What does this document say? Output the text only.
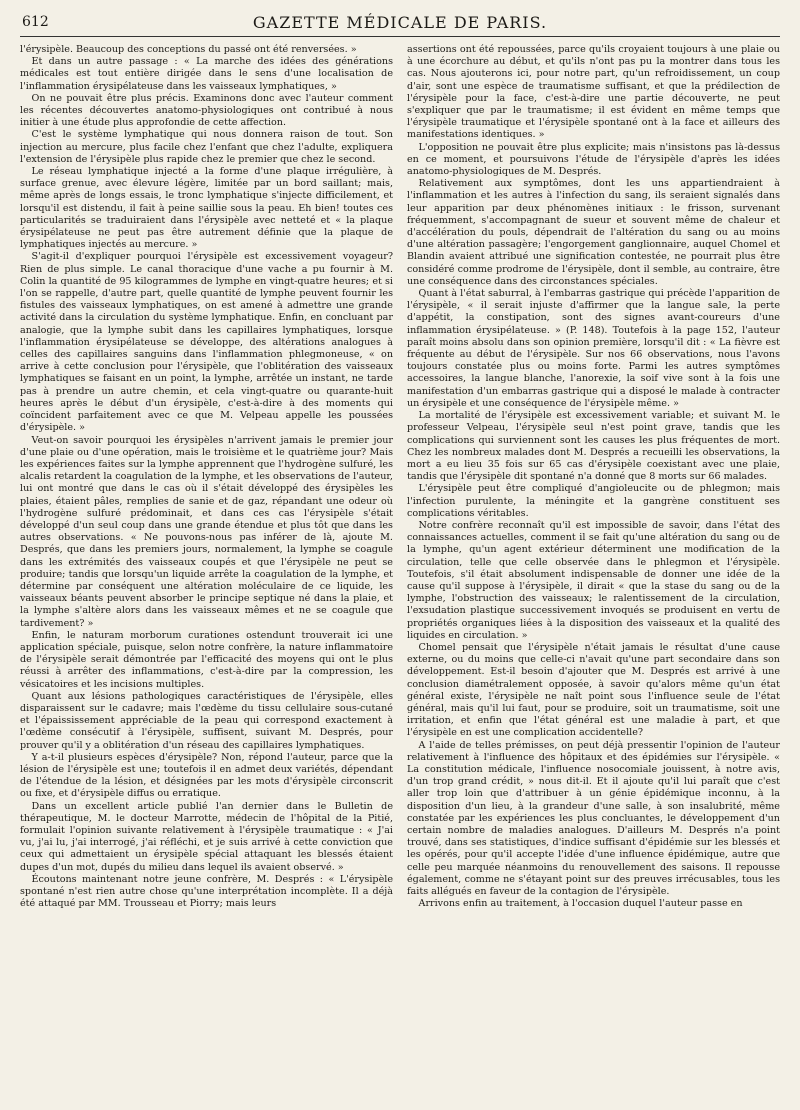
612	GAZETTE MÉDICALE DE PARIS.

l'érysipèle. Beaucoup des conceptions du passé ont été renversées. »

Et dans un autre passage : « La marche des idées des générations médicales est tout entière dirigée dans le sens d'une localisation de l'inflammation érysipélateuse dans les vaisseaux lymphatiques, »

On ne pouvait être plus précis. Examinons donc avec l'auteur comment les récentes découvertes anatomo-physiologiques ont contribué à nous initier à une étude plus approfondie de cette affection.

C'est le système lymphatique qui nous donnera raison de tout. Son injection au mercure, plus facile chez l'enfant que chez l'adulte, expliquera l'extension de l'érysipèle plus rapide chez le premier que chez le second.

Le réseau lymphatique injecté a la forme d'une plaque irrégulière, à surface grenue, avec élevure légère, limitée par un bord saillant; mais, même après de longs essais, le tronc lymphatique s'injecte difficilement, et lorsqu'il est distendu, il fait à peine saillie sous la peau. Eh bien! toutes ces particularités se traduiraient dans l'érysipèle avec netteté et « la plaque érysipélateuse ne peut pas être autrement définie que la plaque de lymphatiques injectés au mercure. »

S'agit-il d'expliquer pourquoi l'érysipèle est excessivement voyageur? Rien de plus simple. Le canal thoracique d'une vache a pu fournir à M. Colin la quantité de 95 kilogrammes de lymphe en vingt-quatre heures; et si l'on se rappelle, d'autre part, quelle quantité de lymphe peuvent fournir les fistules des vaisseaux lymphatiques, on est amené à admettre une grande activité dans la circulation du système lymphatique. Enfin, en concluant par analogie, que la lymphe subit dans les capillaires lymphatiques, lorsque l'inflammation érysipélateuse se développe, des altérations analogues à celles des capillaires sanguins dans l'inflammation phlegmoneuse, « on arrive à cette conclusion pour l'érysipèle, que l'oblitération des vaisseaux lymphatiques se faisant en un point, la lymphe, arrêtée un instant, ne tarde pas à prendre un autre chemin, et cela vingt-quatre ou quarante-huit heures après le début d'un érysipèle, c'est-à-dire à des moments qui coïncident parfaitement avec ce que M. Velpeau appelle les poussées d'érysipèle. »

Veut-on savoir pourquoi les érysipèles n'arrivent jamais le premier jour d'une plaie ou d'une opération, mais le troisième et le quatrième jour? Mais les expériences faites sur la lymphe apprennent que l'hydrogène sulfuré, les alcalis retardent la coagulation de la lymphe, et les observations de l'auteur, lui ont montré que dans le cas où il s'était développé des érysipèles les plaies, étaient pâles, remplies de sanie et de gaz, répandant une odeur où l'hydrogène sulfuré prédominait, et dans ces cas l'érysipèle s'était développé d'un seul coup dans une grande étendue et plus tôt que dans les autres observations. « Ne pouvons-nous pas inférer de là, ajoute M. Després, que dans les premiers jours, normalement, la lymphe se coagule dans les extrémités des vaisseaux coupés et que l'érysipèle ne peut se produire; tandis que lorsqu'un liquide arrête la coagulation de la lymphe, et détermine par conséquent une altération moléculaire de ce liquide, les vaisseaux béants peuvent absorber le principe septique né dans la plaie, et la lymphe s'altère alors dans les vaisseaux mêmes et ne se coagule que tardivement? »

Enfin, le naturam morborum curationes ostendunt trouverait ici une application spéciale, puisque, selon notre confrère, la nature inflammatoire de l'érysipèle serait démontrée par l'efficacité des moyens qui ont le plus réussi à arrêter des inflammations, c'est-à-dire par la compression, les vésicatoires et les incisions multiples.

Quant aux lésions pathologiques caractéristiques de l'érysipèle, elles disparaissent sur le cadavre; mais l'œdème du tissu cellulaire sous-cutané et l'épaississement appréciable de la peau qui correspond exactement à l'œdème consécutif à l'érysipèle, suffisent, suivant M. Després, pour prouver qu'il y a oblitération d'un réseau des capillaires lymphatiques.

Y a-t-il plusieurs espèces d'érysipèle? Non, répond l'auteur, parce que la lésion de l'érysipèle est une; toutefois il en admet deux variétés, dépendant de l'étendue de la lésion, et désignées par les mots d'érysipèle circonscrit ou fixe, et d'érysipèle diffus ou erratique.

Dans un excellent article publié l'an dernier dans le Bulletin de thérapeutique, M. le docteur Marrotte, médecin de l'hôpital de la Pitié, formulait l'opinion suivante relativement à l'érysipèle traumatique : « J'ai vu, j'ai lu, j'ai interrogé, j'ai réfléchi, et je suis arrivé à cette conviction que ceux qui admettaient un érysipèle spécial attaquant les blessés étaient dupes d'un mot, dupés du milieu dans lequel ils avaient observé. »

Écoutons maintenant notre jeune confrère, M. Després : « L'érysipèle spontané n'est rien autre chose qu'une interprétation incomplète. Il a déjà été attaqué par MM. Trousseau et Piorry; mais leurs

assertions ont été repoussées, parce qu'ils croyaient toujours à une plaie ou à une écorchure au début, et qu'ils n'ont pas pu la montrer dans tous les cas. Nous ajouterons ici, pour notre part, qu'un refroidissement, un coup d'air, sont une espèce de traumatisme suffisant, et que la prédilection de l'érysipèle pour la face, c'est-à-dire une partie découverte, ne peut s'expliquer que par le traumatisme; il est évident en même temps que l'érysipèle traumatique et l'érysipèle spontané ont à la face et ailleurs des manifestations identiques. »

L'opposition ne pouvait être plus explicite; mais n'insistons pas là-dessus en ce moment, et poursuivons l'étude de l'érysipèle d'après les idées anatomo-physiologiques de M. Després.

Relativement aux symptômes, dont les uns appartiendraient à l'inflammation et les autres à l'infection du sang, ils seraient signalés dans leur apparition par deux phénomènes initiaux : le frisson, survenant fréquemment, s'accompagnant de sueur et souvent même de chaleur et d'accélération du pouls, dépendrait de l'altération du sang ou au moins d'une altération passagère; l'engorgement ganglionnaire, auquel Chomel et Blandin avaient attribué une signification contestée, ne pourrait plus être considéré comme prodrome de l'érysipèle, dont il semble, au contraire, être une conséquence dans des circonstances spéciales.

Quant à l'état saburral, à l'embarras gastrique qui précède l'apparition de l'érysipèle, « il serait injuste d'affirmer que la langue sale, la perte d'appétit, la constipation, sont des signes avant-coureurs d'une inflammation érysipélateuse. » (P. 148). Toutefois à la page 152, l'auteur paraît moins absolu dans son opinion première, lorsqu'il dit : « La fièvre est fréquente au début de l'érysipèle. Sur nos 66 observations, nous l'avons toujours constatée plus ou moins forte. Parmi les autres symptômes accessoires, la langue blanche, l'anorexie, la soif vive sont à la fois une manifestation d'un embarras gastrique qui a disposé le malade à contracter un érysipèle et une conséquence de l'érysipèle même. »

La mortalité de l'érysipèle est excessivement variable; et suivant M. le professeur Velpeau, l'érysipèle seul n'est point grave, tandis que les complications qui surviennent sont les causes les plus fréquentes de mort. Chez les nombreux malades dont M. Després a recueilli les observations, la mort a eu lieu 35 fois sur 65 cas d'érysipèle coexistant avec une plaie, tandis que l'érysipèle dit spontané n'a donné que 8 morts sur 66 malades.

L'érysipèle peut être compliqué d'angioleucite ou de phlegmon; mais l'infection purulente, la méningite et la gangrène constituent ses complications véritables.

Notre confrère reconnaît qu'il est impossible de savoir, dans l'état des connaissances actuelles, comment il se fait qu'une altération du sang ou de la lymphe, qu'un agent extérieur déterminent une modification de la circulation, telle que celle observée dans le phlegmon et l'érysipèle. Toutefois, s'il était absolument indispensable de donner une idée de la cause qu'il suppose à l'érysipèle, il dirait « que la stase du sang ou de la lymphe, l'obstruction des vaisseaux; le ralentissement de la circulation, l'exsudation plastique successivement invoqués se produisent en vertu de propriétés organiques liées à la disposition des vaisseaux et la qualité des liquides en circulation. »

Chomel pensait que l'érysipèle n'était jamais le résultat d'une cause externe, ou du moins que celle-ci n'avait qu'une part secondaire dans son développement. Est-il besoin d'ajouter que M. Després est arrivé à une conclusion diamétralement opposée, à savoir qu'alors même qu'un état général existe, l'érysipèle ne naît point sous l'influence seule de l'état général, mais qu'il lui faut, pour se produire, soit un traumatisme, soit une irritation, et enfin que l'état général est une maladie à part, et que l'érysipèle en est une complication accidentelle?

A l'aide de telles prémisses, on peut déjà pressentir l'opinion de l'auteur relativement à l'influence des hôpitaux et des épidémies sur l'érysipèle. « La constitution médicale, l'influence nosocomiale jouissent, à notre avis, d'un trop grand crédit, » nous dit-il. Et il ajoute qu'il lui paraît que c'est aller trop loin que d'attribuer à un génie épidémique inconnu, à la disposition d'un lieu, à la grandeur d'une salle, à son insalubrité, même constatée par les expériences les plus concluantes, le développement d'un certain nombre de maladies analogues. D'ailleurs M. Després n'a point trouvé, dans ses statistiques, d'indice suffisant d'épidémie sur les blessés et les opérés, pour qu'il accepte l'idée d'une influence épidémique, autre que celle peu marquée néanmoins du renouvellement des saisons. Il repousse également, comme ne s'étayant point sur des preuves irrécusables, tous les faits allégués en faveur de la contagion de l'érysipèle.

Arrivons enfin au traitement, à l'occasion duquel l'auteur passe en
